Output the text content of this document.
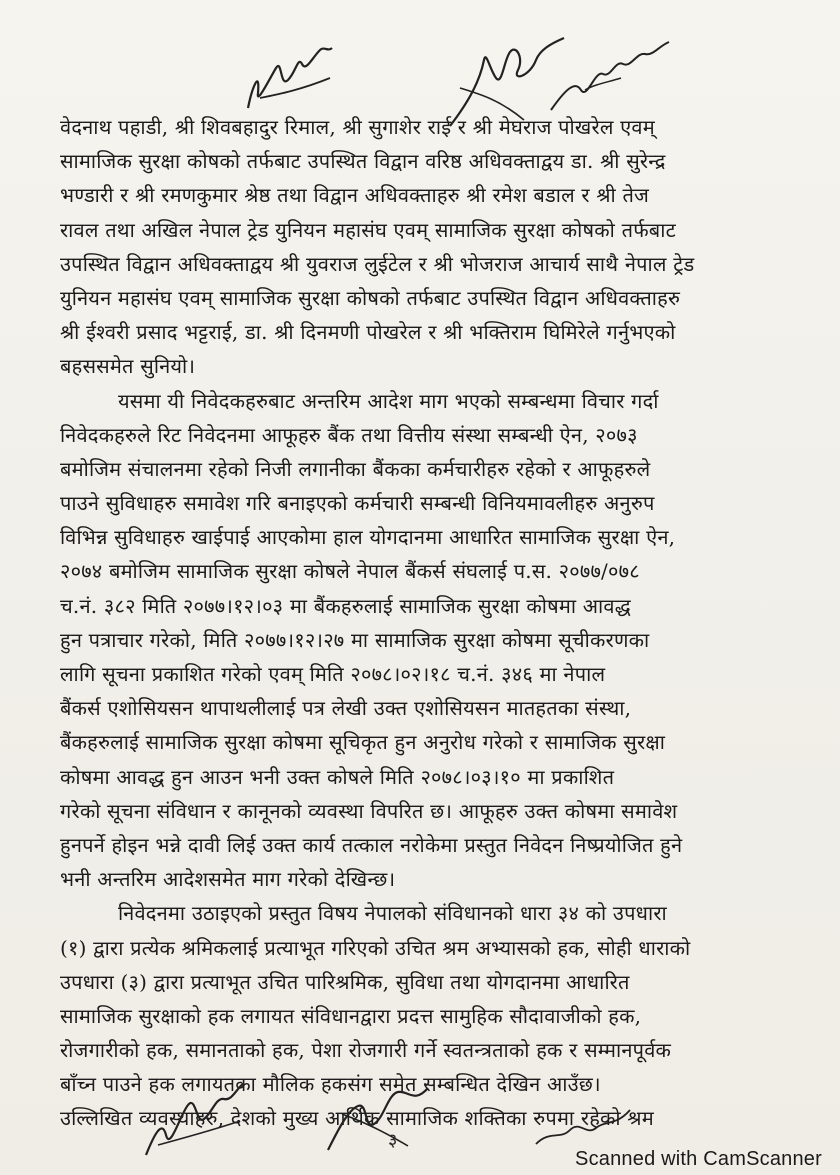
वेदनाथ पहाडी, श्री शिवबहादुर रिमाल, श्री सुगाशेर राई र श्री मेघराज पोखरेल एवम्
सामाजिक सुरक्षा कोषको तर्फबाट उपस्थित विद्वान वरिष्ठ अधिवक्ताद्वय डा. श्री सुरेन्द्र
भण्डारी र श्री रमणकुमार श्रेष्ठ तथा विद्वान अधिवक्ताहरु श्री रमेश बडाल र श्री तेज
रावल तथा अखिल नेपाल ट्रेड युनियन महासंघ एवम् सामाजिक सुरक्षा कोषको तर्फबाट
उपस्थित विद्वान अधिवक्ताद्वय श्री युवराज लुईटेल र श्री भोजराज आचार्य साथै नेपाल ट्रेड
युनियन महासंघ एवम् सामाजिक सुरक्षा कोषको तर्फबाट उपस्थित विद्वान अधिवक्ताहरु
श्री ईश्वरी प्रसाद भट्टराई, डा. श्री दिनमणी पोखरेल र श्री भक्तिराम घिमिरेले गर्नुभएको
बहससमेत सुनियो।
यसमा यी निवेदकहरुबाट अन्तरिम आदेश माग भएको सम्बन्धमा विचार गर्दा
निवेदकहरुले रिट निवेदनमा आफूहरु बैंक तथा वित्तीय संस्था सम्बन्धी ऐन, २०७३
बमोजिम संचालनमा रहेको निजी लगानीका बैंकका कर्मचारीहरु रहेको र आफूहरुले
पाउने सुविधाहरु समावेश गरि बनाइएको कर्मचारी सम्बन्धी विनियमावलीहरु अनुरुप
विभिन्न सुविधाहरु खाईपाई आएकोमा हाल योगदानमा आधारित सामाजिक सुरक्षा ऐन,
२०७४ बमोजिम सामाजिक सुरक्षा कोषले नेपाल बैंकर्स संघलाई प.स. २०७७/०७८
च.नं. ३८२ मिति २०७७।१२।०३ मा बैंकहरुलाई सामाजिक सुरक्षा कोषमा आवद्ध
हुन पत्राचार गरेको, मिति २०७७।१२।२७ मा सामाजिक सुरक्षा कोषमा सूचीकरणका
लागि सूचना प्रकाशित गरेको एवम् मिति २०७८।०२।१८ च.नं. ३४६ मा नेपाल
बैंकर्स एशोसियसन थापाथलीलाई पत्र लेखी उक्त एशोसियसन मातहतका संस्था,
बैंकहरुलाई सामाजिक सुरक्षा कोषमा सूचिकृत हुन अनुरोध गरेको र सामाजिक सुरक्षा
कोषमा आवद्ध हुन आउन भनी उक्त कोषले मिति २०७८।०३।१० मा प्रकाशित
गरेको सूचना संविधान र कानूनको व्यवस्था विपरित छ। आफूहरु उक्त कोषमा समावेश
हुनपर्ने होइन भन्ने दावी लिई उक्त कार्य तत्काल नरोकेमा प्रस्तुत निवेदन निष्प्रयोजित हुने
भनी अन्तरिम आदेशसमेत माग गरेको देखिन्छ।
निवेदनमा उठाइएको प्रस्तुत विषय नेपालको संविधानको धारा ३४ को उपधारा
(१) द्वारा प्रत्येक श्रमिकलाई प्रत्याभूत गरिएको उचित श्रम अभ्यासको हक, सोही धाराको
उपधारा (३) द्वारा प्रत्याभूत उचित पारिश्रमिक, सुविधा तथा योगदानमा आधारित
सामाजिक सुरक्षाको हक लगायत संविधानद्वारा प्रदत्त सामुहिक सौदावाजीको हक,
रोजगारीको हक, समानताको हक, पेशा रोजगारी गर्ने स्वतन्त्रताको हक र सम्मानपूर्वक
बाँच्न पाउने हक लगायतका मौलिक हकसंग समेत सम्बन्धित देखिन आउँछ।
उल्लिखित व्यवस्थाहरु, देशको मुख्य आर्थिक सामाजिक शक्तिका रुपमा रहेको श्रम
३
Scanned with CamScanner
